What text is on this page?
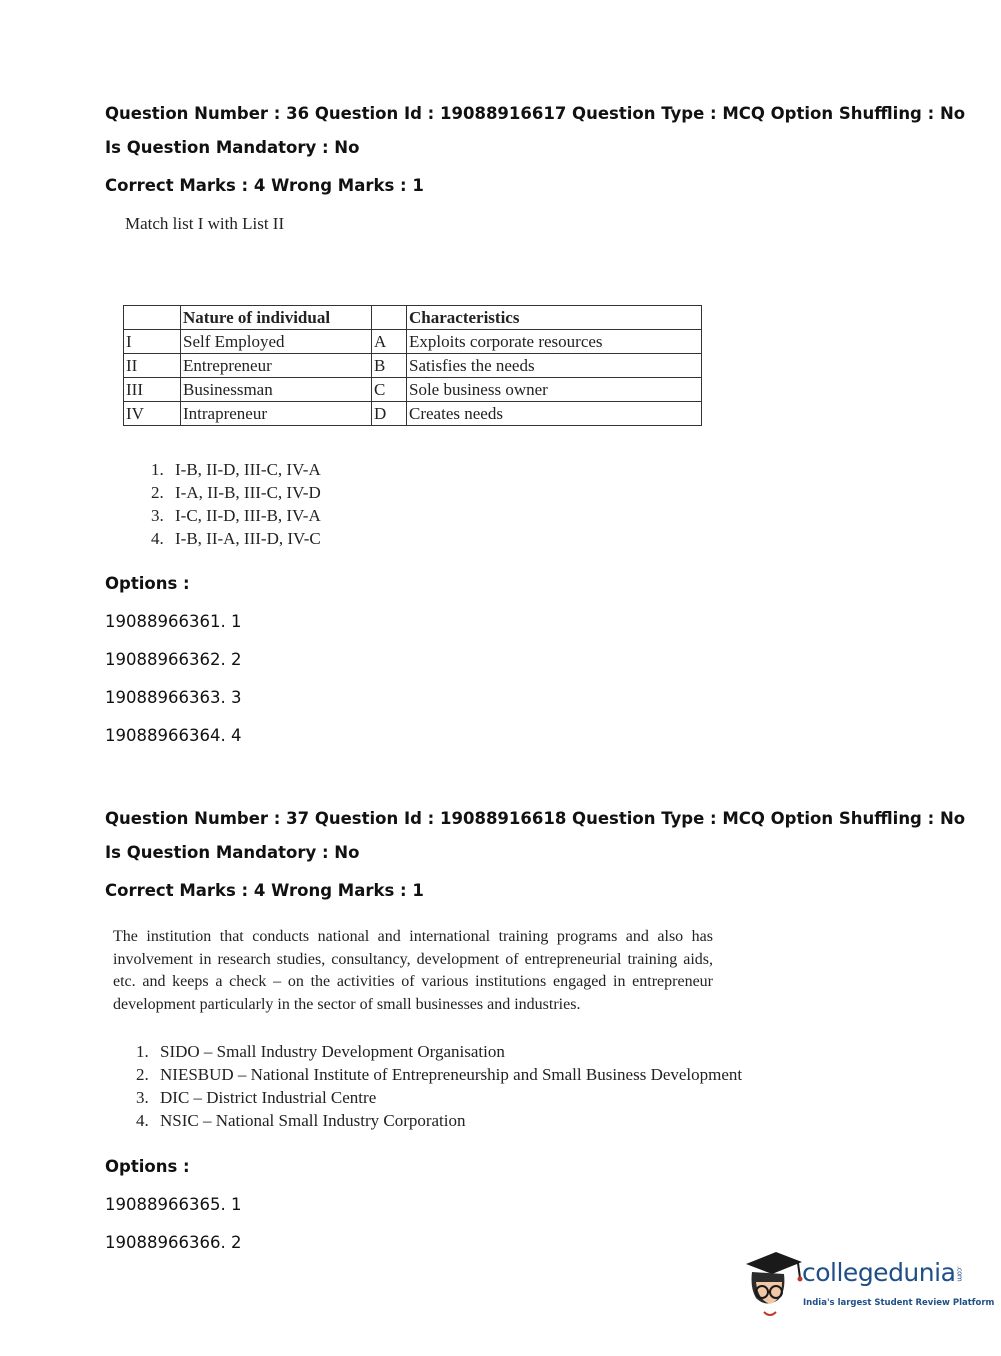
Question Number : 36 Question Id : 19088916617 Question Type : MCQ Option Shuffling : No
Is Question Mandatory : No
Correct Marks : 4 Wrong Marks : 1
Match list I with List II
	Nature of individual		Characteristics
I	Self Employed	A	Exploits corporate resources
II	Entrepreneur	B	Satisfies the needs
III	Businessman	C	Sole business owner
IV	Intrapreneur	D	Creates needs
1. I-B, II-D, III-C, IV-A
2. I-A, II-B, III-C, IV-D
3. I-C, II-D, III-B, IV-A
4. I-B, II-A, III-D, IV-C
Options :
19088966361. 1
19088966362. 2
19088966363. 3
19088966364. 4
Question Number : 37 Question Id : 19088916618 Question Type : MCQ Option Shuffling : No
Is Question Mandatory : No
Correct Marks : 4 Wrong Marks : 1
The institution that conducts national and international training programs and also has involvement in research studies, consultancy, development of entrepreneurial training aids, etc. and keeps a check – on the activities of various institutions engaged in entrepreneur development particularly in the sector of small businesses and industries.
1. SIDO – Small Industry Development Organisation
2. NIESBUD – National Institute of Entrepreneurship and Small Business Development
3. DIC – District Industrial Centre
4. NSIC – National Small Industry Corporation
Options :
19088966365. 1
19088966366. 2
collegedunia.com
India's largest Student Review Platform
